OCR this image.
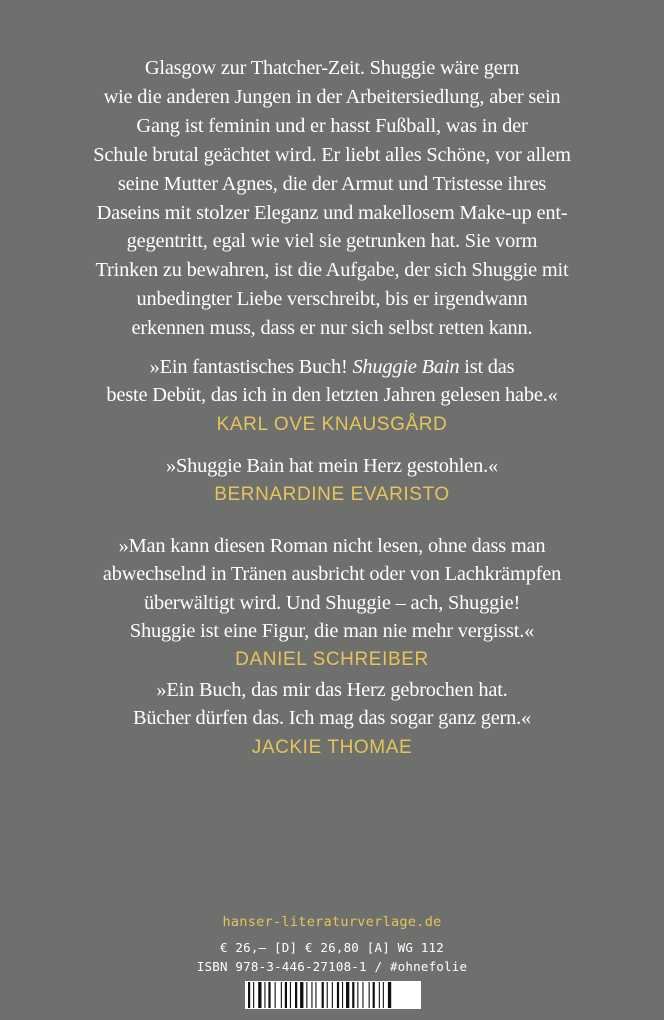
Glasgow zur Thatcher-Zeit. Shuggie wäre gern
wie die anderen Jungen in der Arbeitersiedlung, aber sein
Gang ist feminin und er hasst Fußball, was in der
Schule brutal geächtet wird. Er liebt alles Schöne, vor allem
seine Mutter Agnes, die der Armut und Tristesse ihres
Daseins mit stolzer Eleganz und makellosem Make-up ent-
gegentritt, egal wie viel sie getrunken hat. Sie vorm
Trinken zu bewahren, ist die Aufgabe, der sich Shuggie mit
unbedingter Liebe verschreibt, bis er irgendwann
erkennen muss, dass er nur sich selbst retten kann.
»Ein fantastisches Buch! Shuggie Bain ist das
beste Debüt, das ich in den letzten Jahren gelesen habe.«
KARL OVE KNAUSGÅRD
»Shuggie Bain hat mein Herz gestohlen.«
BERNARDINE EVARISTO
»Man kann diesen Roman nicht lesen, ohne dass man
abwechselnd in Tränen ausbricht oder von Lachkrämpfen
überwältigt wird. Und Shuggie – ach, Shuggie!
Shuggie ist eine Figur, die man nie mehr vergisst.«
DANIEL SCHREIBER
»Ein Buch, das mir das Herz gebrochen hat.
Bücher dürfen das. Ich mag das sogar ganz gern.«
JACKIE THOMAE
hanser-literaturverlage.de
€ 26,– [D] € 26,80 [A] WG 112
ISBN 978-3-446-27108-1 / #ohnefolie
